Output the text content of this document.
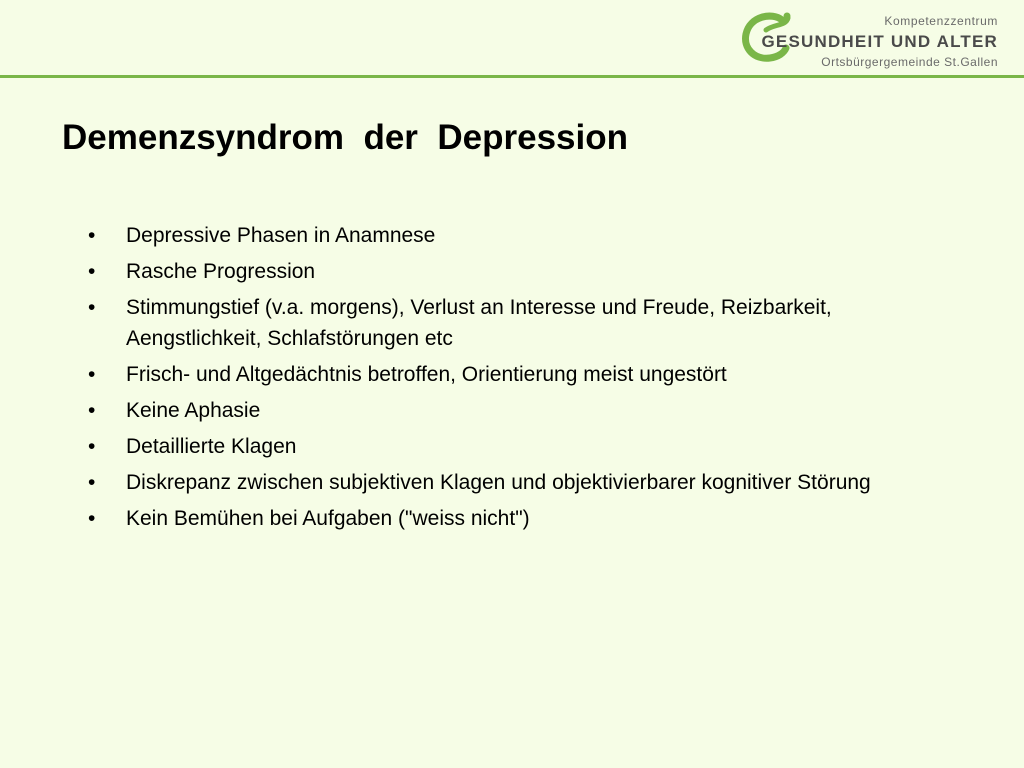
Kompetenzzentrum
GESUNDHEIT UND ALTER
Ortsbürgergemeinde St.Gallen
Demenzsyndrom  der  Depression
• Depressive Phasen in Anamnese
• Rasche Progression
• Stimmungstief (v.a. morgens), Verlust an Interesse und Freude, Reizbarkeit, Aengstlichkeit, Schlafstörungen etc
• Frisch- und Altgedächtnis betroffen, Orientierung meist ungestört
• Keine Aphasie
• Detaillierte Klagen
• Diskrepanz zwischen subjektiven Klagen und objektivierbarer kognitiver Störung
• Kein Bemühen bei Aufgaben ("weiss nicht")
